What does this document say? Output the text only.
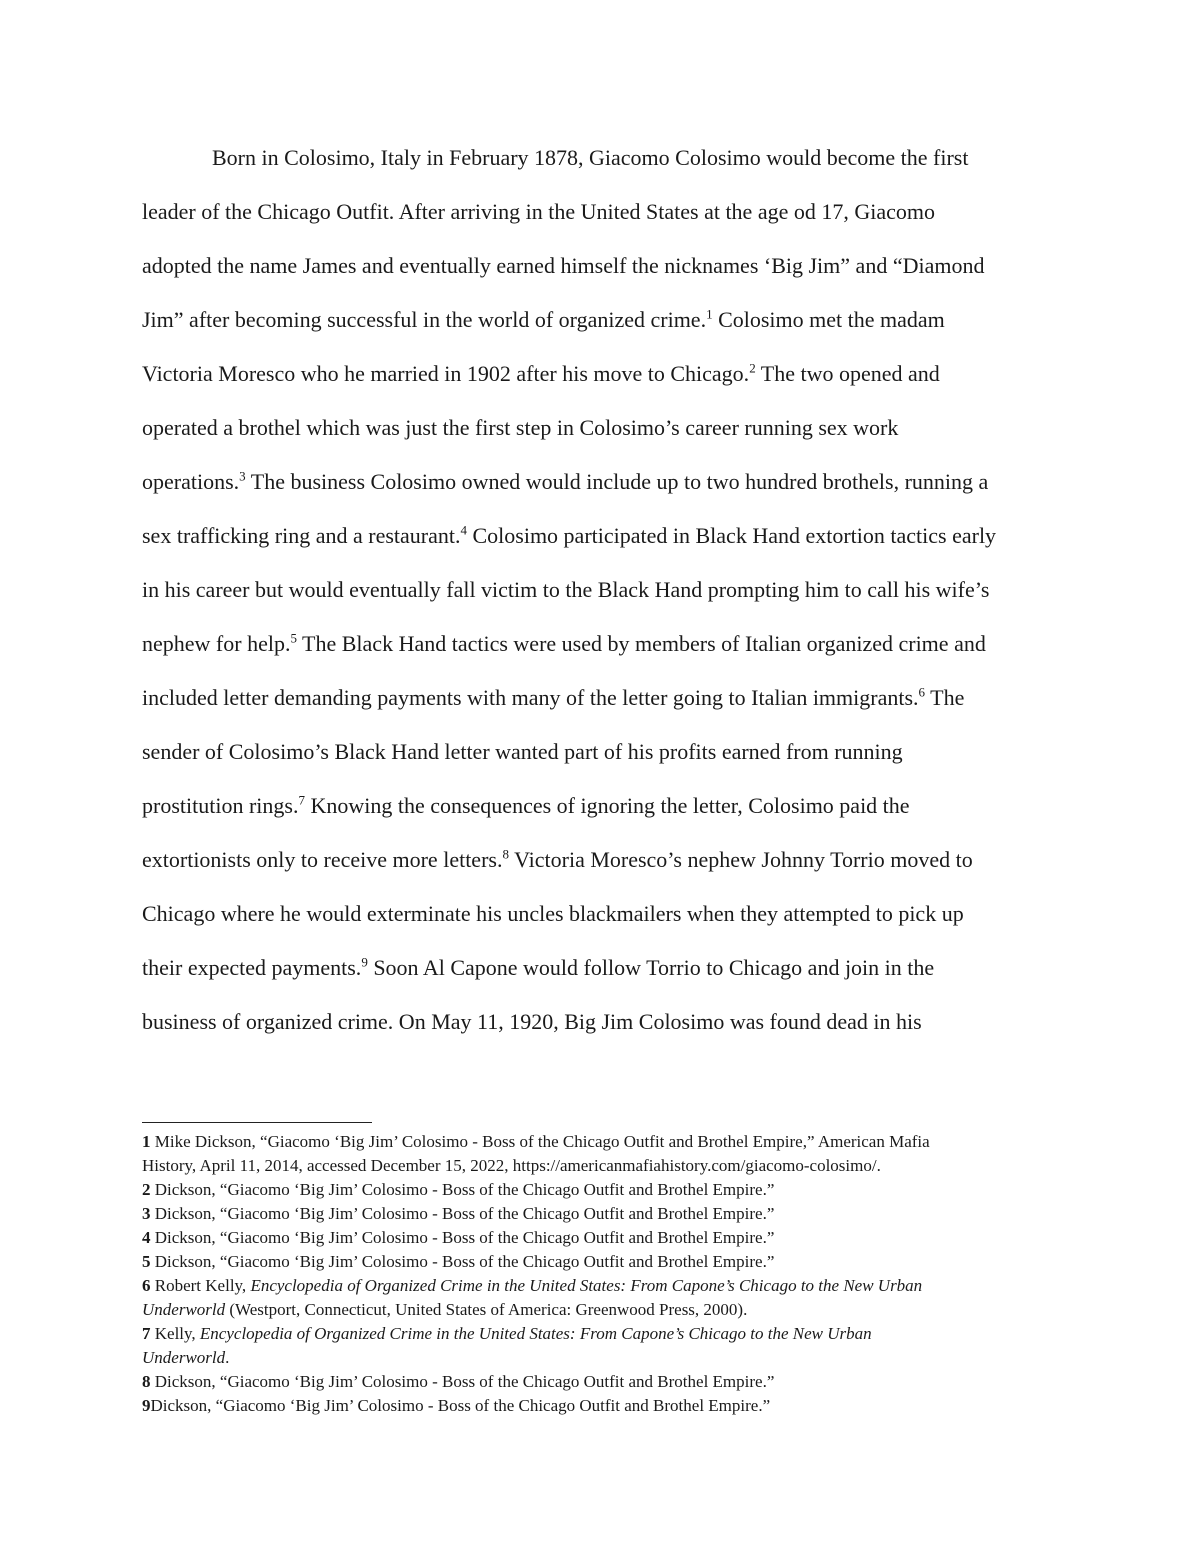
Born in Colosimo, Italy in February 1878, Giacomo Colosimo would become the first
leader of the Chicago Outfit. After arriving in the United States at the age od 17, Giacomo
adopted the name James and eventually earned himself the nicknames ‘Big Jim” and “Diamond
Jim” after becoming successful in the world of organized crime.$^1$ Colosimo met the madam
Victoria Moresco who he married in 1902 after his move to Chicago.$^2$ The two opened and
operated a brothel which was just the first step in Colosimo’s career running sex work
operations.$^3$ The business Colosimo owned would include up to two hundred brothels, running a
sex trafficking ring and a restaurant.$^4$ Colosimo participated in Black Hand extortion tactics early
in his career but would eventually fall victim to the Black Hand prompting him to call his wife’s
nephew for help.$^5$ The Black Hand tactics were used by members of Italian organized crime and
included letter demanding payments with many of the letter going to Italian immigrants.$^6$ The
sender of Colosimo’s Black Hand letter wanted part of his profits earned from running
prostitution rings.$^7$ Knowing the consequences of ignoring the letter, Colosimo paid the
extortionists only to receive more letters.$^8$ Victoria Moresco’s nephew Johnny Torrio moved to
Chicago where he would exterminate his uncles blackmailers when they attempted to pick up
their expected payments.$^9$ Soon Al Capone would follow Torrio to Chicago and join in the
business of organized crime. On May 11, 1920, Big Jim Colosimo was found dead in his
1 Mike Dickson, “Giacomo ‘Big Jim’ Colosimo - Boss of the Chicago Outfit and Brothel Empire,” American Mafia
History, April 11, 2014, accessed December 15, 2022, https://americanmafiahistory.com/giacomo-colosimo/.
2 Dickson, “Giacomo ‘Big Jim’ Colosimo - Boss of the Chicago Outfit and Brothel Empire.”
3 Dickson, “Giacomo ‘Big Jim’ Colosimo - Boss of the Chicago Outfit and Brothel Empire.”
4 Dickson, “Giacomo ‘Big Jim’ Colosimo - Boss of the Chicago Outfit and Brothel Empire.”
5 Dickson, “Giacomo ‘Big Jim’ Colosimo - Boss of the Chicago Outfit and Brothel Empire.”
6 Robert Kelly, Encyclopedia of Organized Crime in the United States: From Capone’s Chicago to the New Urban
Underworld (Westport, Connecticut, United States of America: Greenwood Press, 2000).
7 Kelly, Encyclopedia of Organized Crime in the United States: From Capone’s Chicago to the New Urban
Underworld.
8 Dickson, “Giacomo ‘Big Jim’ Colosimo - Boss of the Chicago Outfit and Brothel Empire.”
9Dickson, “Giacomo ‘Big Jim’ Colosimo - Boss of the Chicago Outfit and Brothel Empire.”
